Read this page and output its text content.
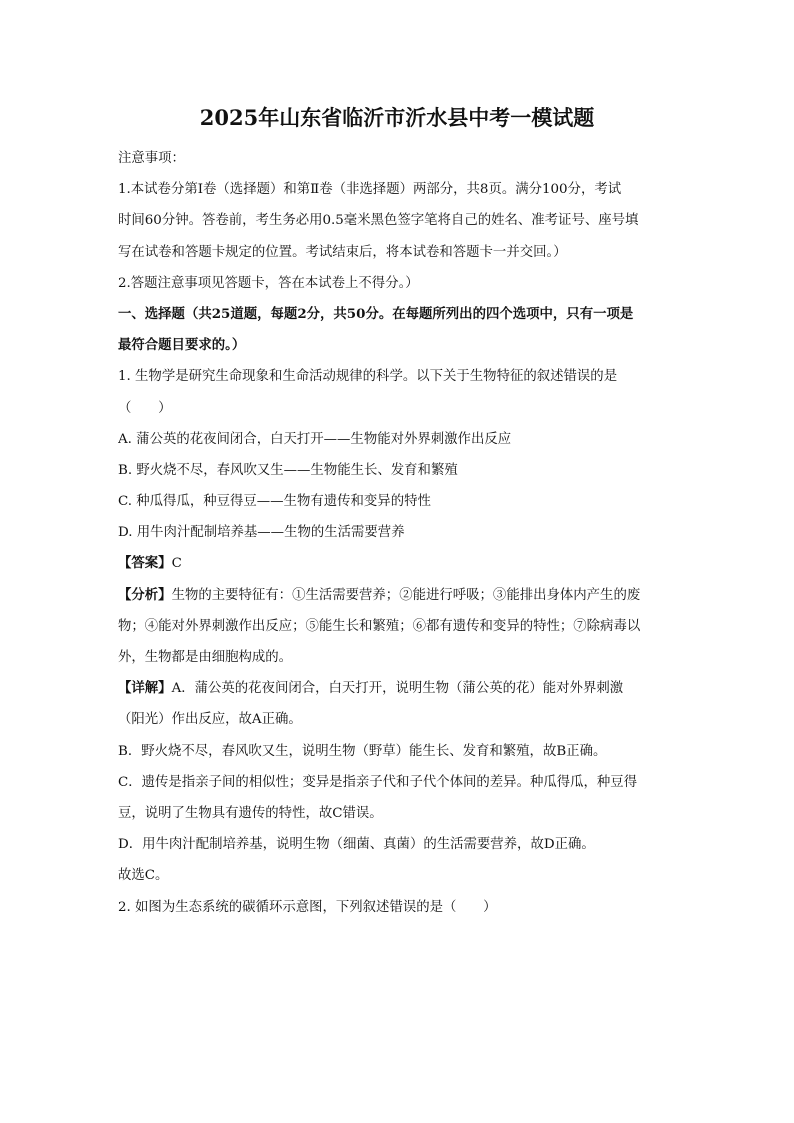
2025年山东省临沂市沂水县中考一模试题
注意事项：
1.本试卷分第Ⅰ卷（选择题）和第Ⅱ卷（非选择题）两部分，共8页。满分100分，考试
时间60分钟。答卷前，考生务必用0.5毫米黑色签字笔将自己的姓名、准考证号、座号填
写在试卷和答题卡规定的位置。考试结束后，将本试卷和答题卡一并交回。）
2.答题注意事项见答题卡，答在本试卷上不得分。）
一、选择题（共25道题，每题2分，共50分。在每题所列出的四个选项中，只有一项是
最符合题目要求的。）
1. 生物学是研究生命现象和生命活动规律的科学。以下关于生物特征的叙述错误的是
（　　）
A. 蒲公英的花夜间闭合，白天打开——生物能对外界刺激作出反应
B. 野火烧不尽，春风吹又生——生物能生长、发育和繁殖
C. 种瓜得瓜，种豆得豆——生物有遗传和变异的特性
D. 用牛肉汁配制培养基——生物的生活需要营养
【答案】C
【分析】生物的主要特征有：①生活需要营养；②能进行呼吸；③能排出身体内产生的废
物；④能对外界刺激作出反应；⑤能生长和繁殖；⑥都有遗传和变异的特性；⑦除病毒以
外，生物都是由细胞构成的。
【详解】A．蒲公英的花夜间闭合，白天打开，说明生物（蒲公英的花）能对外界刺激
（阳光）作出反应，故A正确。
B．野火烧不尽，春风吹又生，说明生物（野草）能生长、发育和繁殖，故B正确。
C．遗传是指亲子间的相似性；变异是指亲子代和子代个体间的差异。种瓜得瓜，种豆得
豆，说明了生物具有遗传的特性，故C错误。
D．用牛肉汁配制培养基，说明生物（细菌、真菌）的生活需要营养，故D正确。
故选C。
2. 如图为生态系统的碳循环示意图，下列叙述错误的是（　　）
